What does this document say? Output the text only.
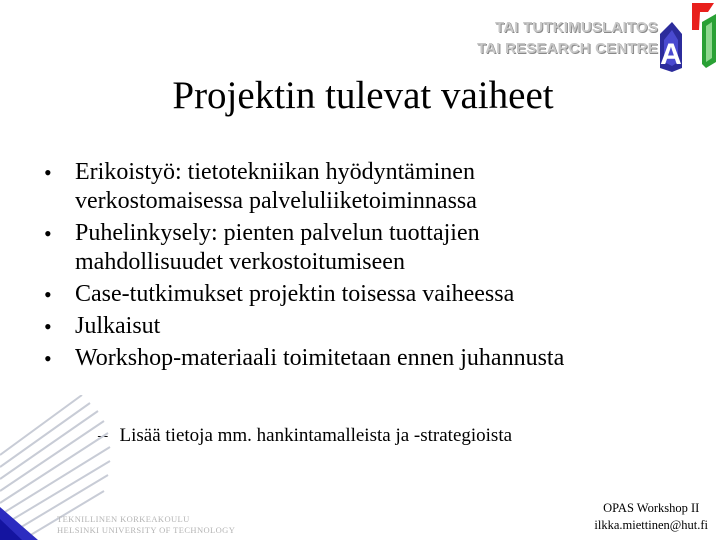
TAI TUTKIMUSLAITOS
TAI RESEARCH CENTRE A
Projektin tulevat vaiheet
• Erikoistyö: tietotekniikan hyödyntäminen
verkostomaisessa palveluliiketoiminnassa
• Puhelinkysely: pienten palvelun tuottajien
mahdollisuudet verkostoitumiseen
• Case-tutkimukset projektin toisessa vaiheessa
• Julkaisut
• Workshop-materiaali toimitetaan ennen juhannusta
– Lisää tietoja mm. hankintamalleista ja -strategioista
TEKNILLINEN KORKEAKOULU
HELSINKI UNIVERSITY OF TECHNOLOGY
OPAS Workshop II
ilkka.miettinen@hut.fi
